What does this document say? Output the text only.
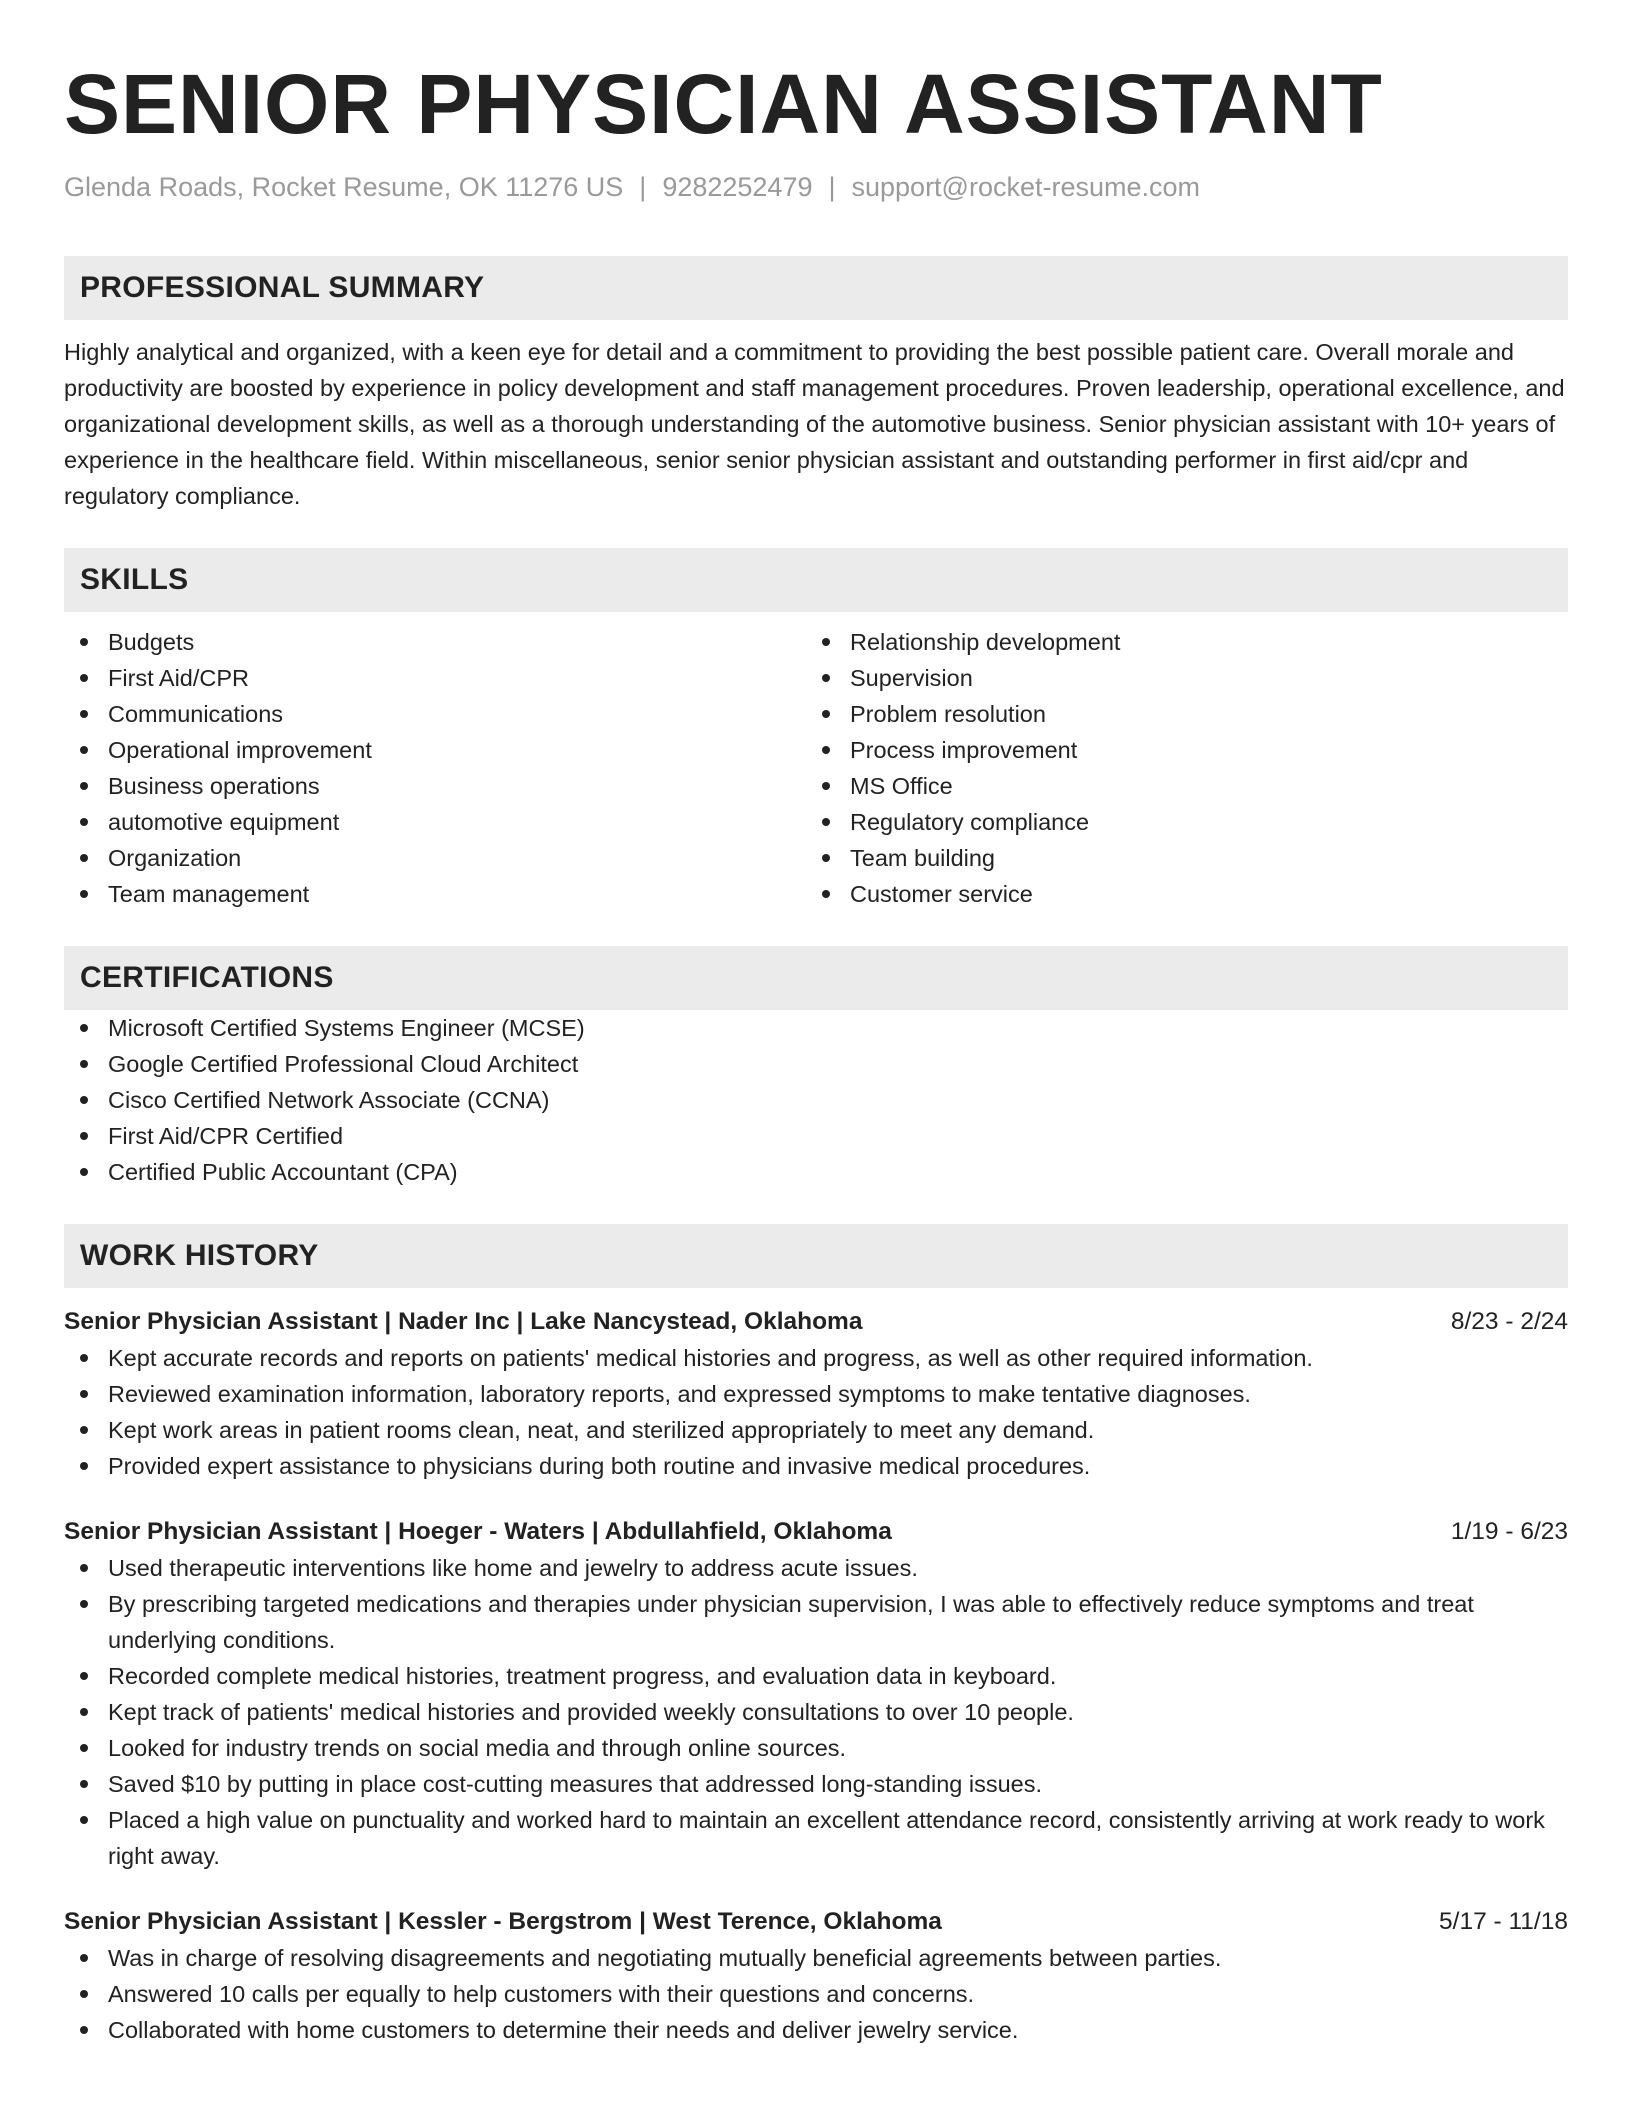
SENIOR PHYSICIAN ASSISTANT
Glenda Roads, Rocket Resume, OK 11276 US | 9282252479 | support@rocket-resume.com
PROFESSIONAL SUMMARY

Highly analytical and organized, with a keen eye for detail and a commitment to providing the best possible patient care. Overall morale and productivity are boosted by experience in policy development and staff management procedures. Proven leadership, operational excellence, and organizational development skills, as well as a thorough understanding of the automotive business. Senior physician assistant with 10+ years of experience in the healthcare field. Within miscellaneous, senior senior physician assistant and outstanding performer in first aid/cpr and regulatory compliance.

SKILLS
Budgets
First Aid/CPR
Communications
Operational improvement
Business operations
automotive equipment
Organization
Team management
Relationship development
Supervision
Problem resolution
Process improvement
MS Office
Regulatory compliance
Team building
Customer service
CERTIFICATIONS
Microsoft Certified Systems Engineer (MCSE)
Google Certified Professional Cloud Architect
Cisco Certified Network Associate (CCNA)
First Aid/CPR Certified
Certified Public Accountant (CPA)
WORK HISTORY
Senior Physician Assistant | Nader Inc | Lake Nancystead, Oklahoma	8/23 - 2/24
Kept accurate records and reports on patients' medical histories and progress, as well as other required information.
Reviewed examination information, laboratory reports, and expressed symptoms to make tentative diagnoses.
Kept work areas in patient rooms clean, neat, and sterilized appropriately to meet any demand.
Provided expert assistance to physicians during both routine and invasive medical procedures.
Senior Physician Assistant | Hoeger - Waters | Abdullahfield, Oklahoma	1/19 - 6/23
Used therapeutic interventions like home and jewelry to address acute issues.
By prescribing targeted medications and therapies under physician supervision, I was able to effectively reduce symptoms and treat underlying conditions.
Recorded complete medical histories, treatment progress, and evaluation data in keyboard.
Kept track of patients' medical histories and provided weekly consultations to over 10 people.
Looked for industry trends on social media and through online sources.
Saved $10 by putting in place cost-cutting measures that addressed long-standing issues.
Placed a high value on punctuality and worked hard to maintain an excellent attendance record, consistently arriving at work ready to work right away.
Senior Physician Assistant | Kessler - Bergstrom | West Terence, Oklahoma	5/17 - 11/18
Was in charge of resolving disagreements and negotiating mutually beneficial agreements between parties.
Answered 10 calls per equally to help customers with their questions and concerns.
Collaborated with home customers to determine their needs and deliver jewelry service.
